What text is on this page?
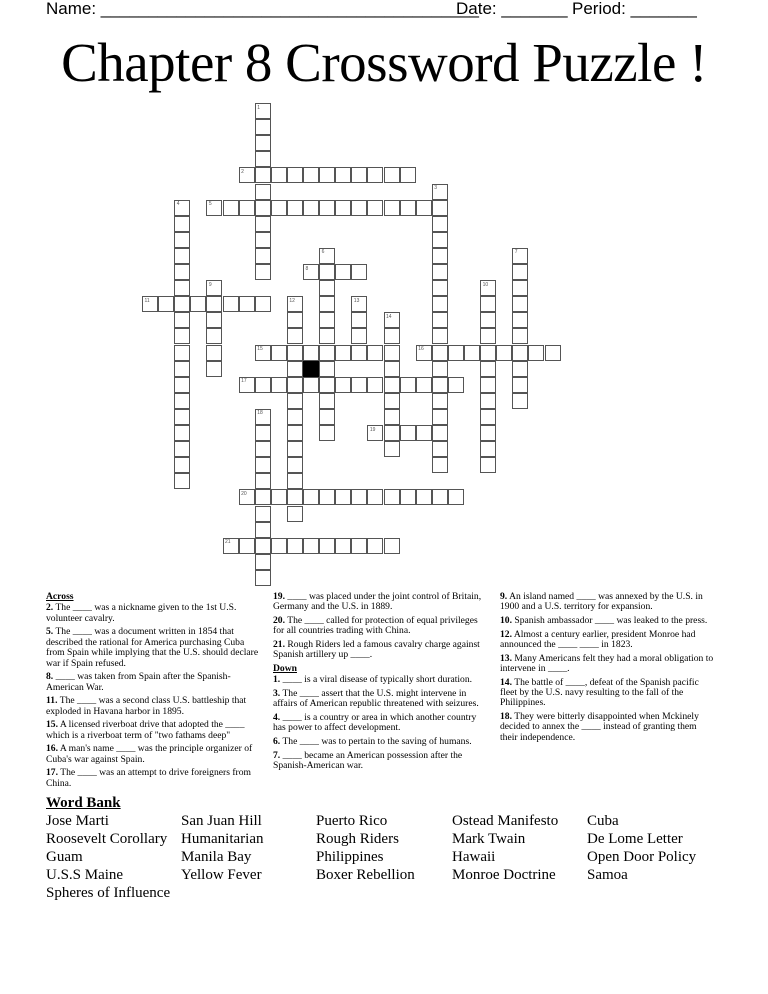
Name: ________________________________________
Date: _______ Period: _______
Chapter 8 Crossword Puzzle !
1
2
3
4	5
6	7
8
9	10
11	12	13
14
15	16
17
18
19
20
21
Across
2. The ____ was a nickname given to the 1st U.S. volunteer cavalry.
5. The ____ was a document written in 1854 that described the rational for America purchasing Cuba from Spain while implying that the U.S. should declare war if Spain refused.
8. ____ was taken from Spain after the Spanish-American War.
11. The ____ was a second class U.S. battleship that exploded in Havana harbor in 1895.
15. A licensed riverboat drive that adopted the ____ which is a riverboat term of "two fathams deep"
16. A man's name ____ was the principle organizer of Cuba's war against Spain.
17. The ____ was an attempt to drive foreigners from China.
19. ____ was placed under the joint control of Britain, Germany and the U.S. in 1889.
20. The ____ called for protection of equal privileges for all countries trading with China.
21. Rough Riders led a famous cavalry charge against Spanish artillery up ____.
Down
1. ____ is a viral disease of typically short duration.
3. The ____ assert that the U.S. might intervene in affairs of American republic threatened with seizures.
4. ____ is a country or area in which another country has power to affect development.
6. The ____ was to pertain to the saving of humans.
7. ____ became an American possession after the Spanish-American war.
9. An island named ____ was annexed by the U.S. in 1900 and a U.S. territory for expansion.
10. Spanish ambassador ____ was leaked to the press.
12. Almost a century earlier, president Monroe had announced the ____ ____ in 1823.
13. Many Americans felt they had a moral obligation to intervene in ____.
14. The battle of ____, defeat of the Spanish pacific fleet by the U.S. navy resulting to the fall of the Philippines.
18. They were bitterly disappointed when Mckinely decided to annex the ____ instead of granting them their independence.
Word Bank
Jose Marti
Roosevelt Corollary
Guam
U.S.S Maine
Spheres of Influence
San Juan Hill
Humanitarian
Manila Bay
Yellow Fever
Puerto Rico
Rough Riders
Philippines
Boxer Rebellion
Ostead Manifesto
Mark Twain
Hawaii
Monroe Doctrine
Cuba
De Lome Letter
Open Door Policy
Samoa
